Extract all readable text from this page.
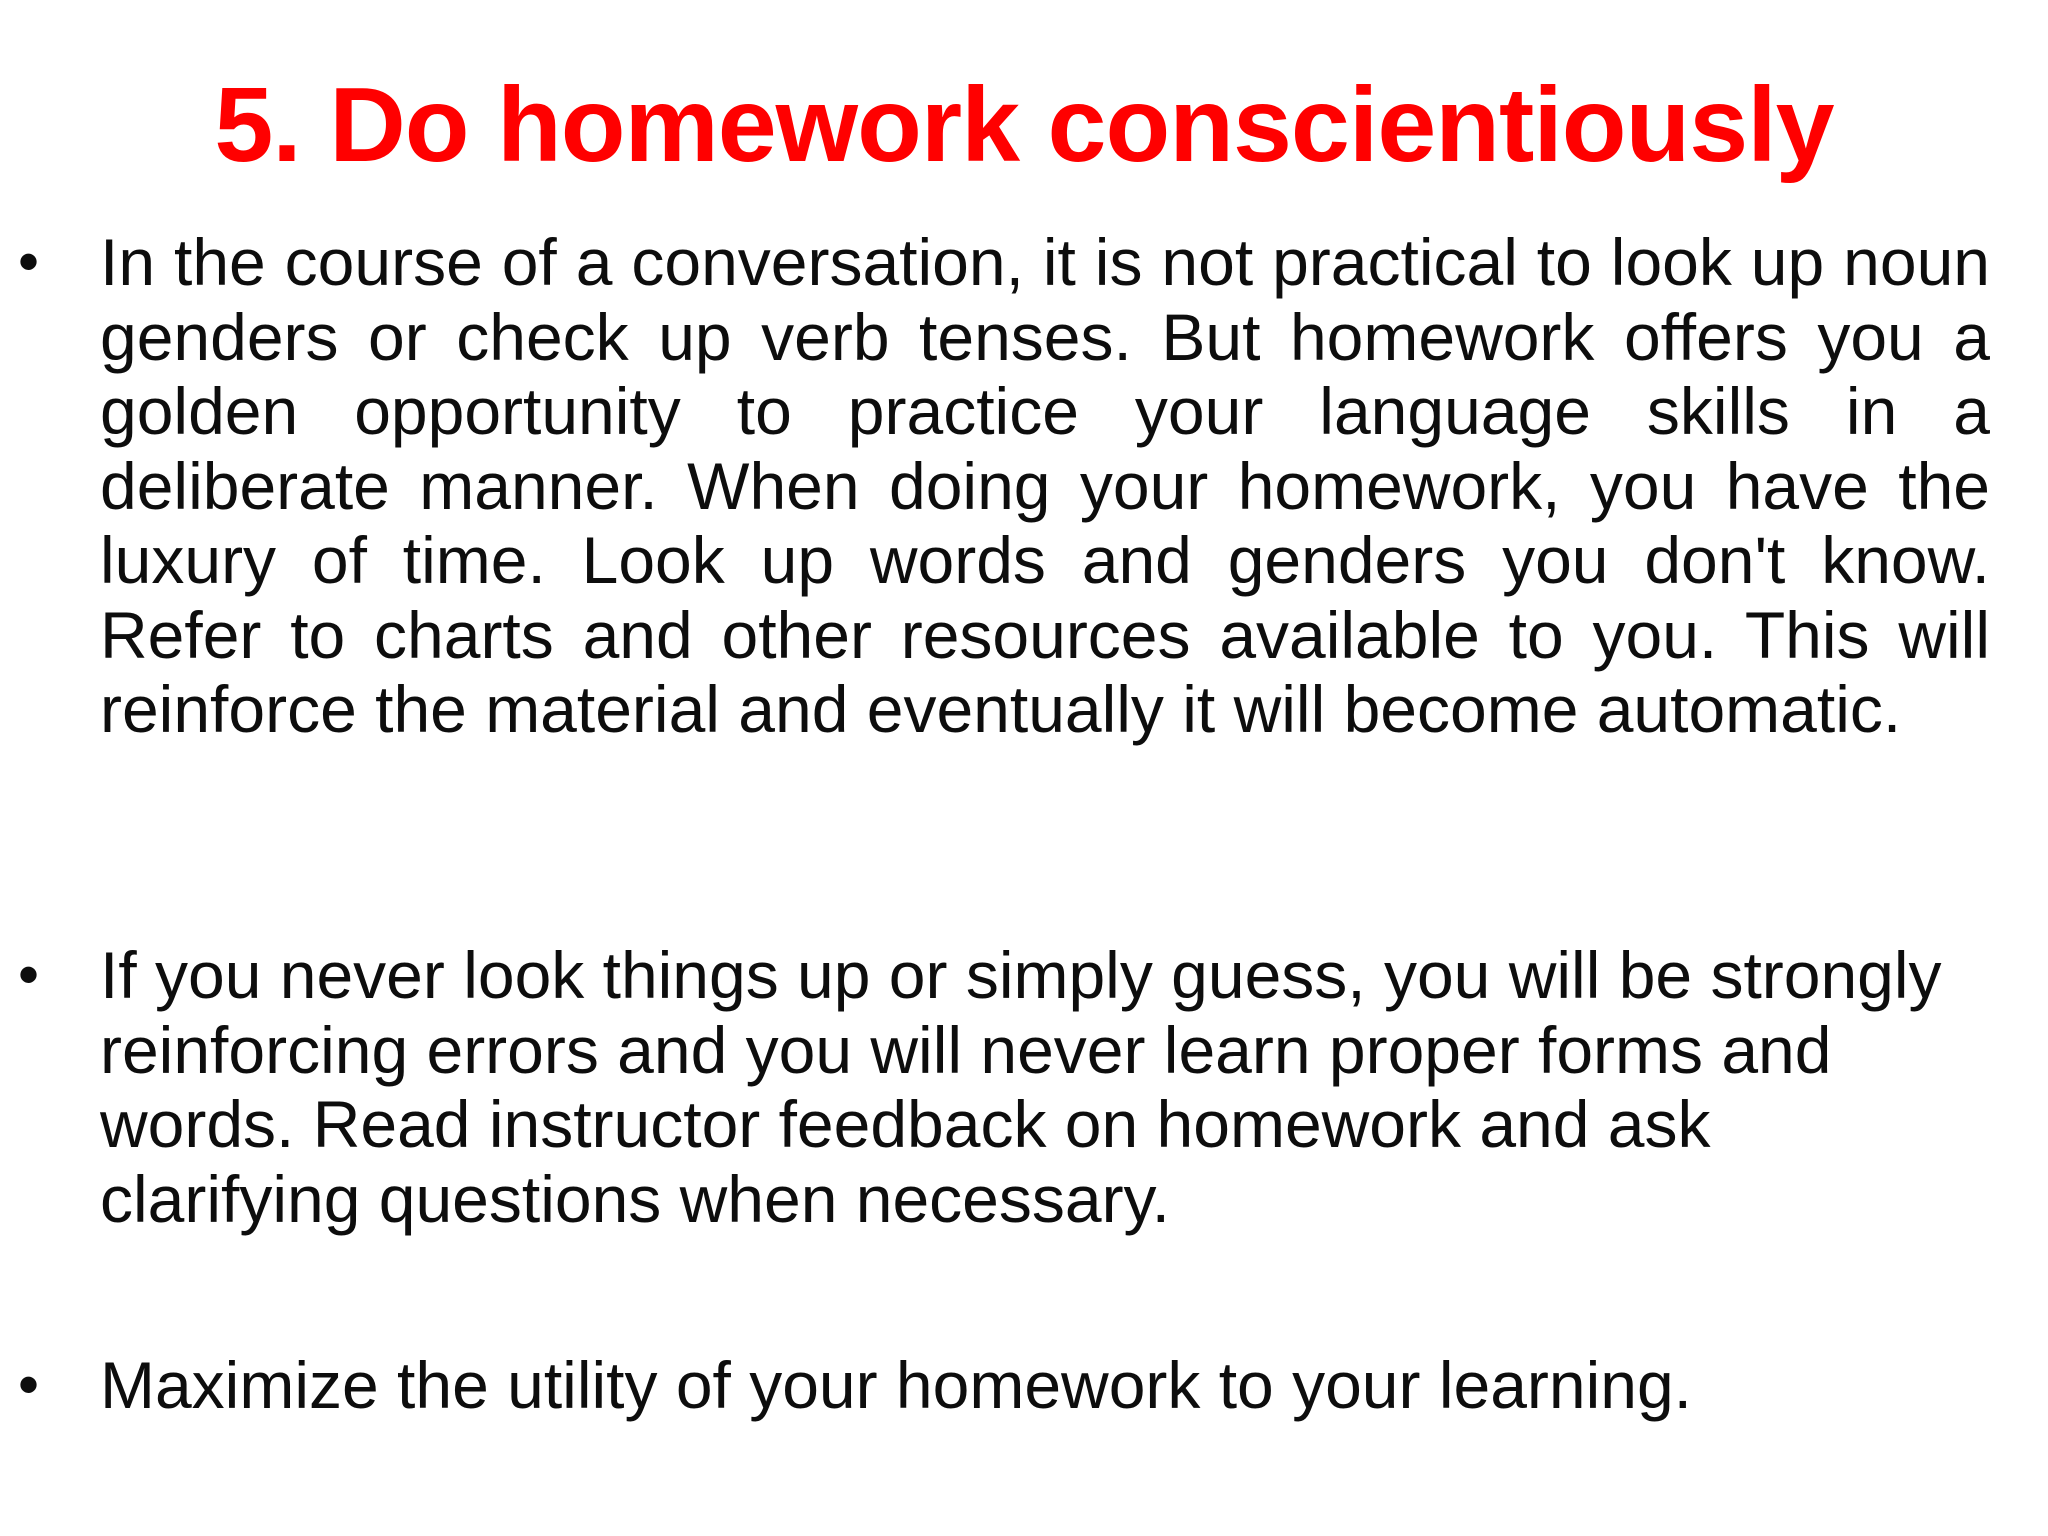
5. Do homework conscientiously
• In the course of a conversation, it is not practical to look up noun genders or check up verb tenses. But homework offers you a golden opportunity to practice your language skills in a deliberate manner. When doing your homework, you have the luxury of time. Look up words and genders you don't know. Refer to charts and other resources available to you. This will reinforce the material and eventually it will become automatic.
• If you never look things up or simply guess, you will be strongly reinforcing errors and you will never learn proper forms and words. Read instructor feedback on homework and ask clarifying questions when necessary.
• Maximize the utility of your homework to your learning.
